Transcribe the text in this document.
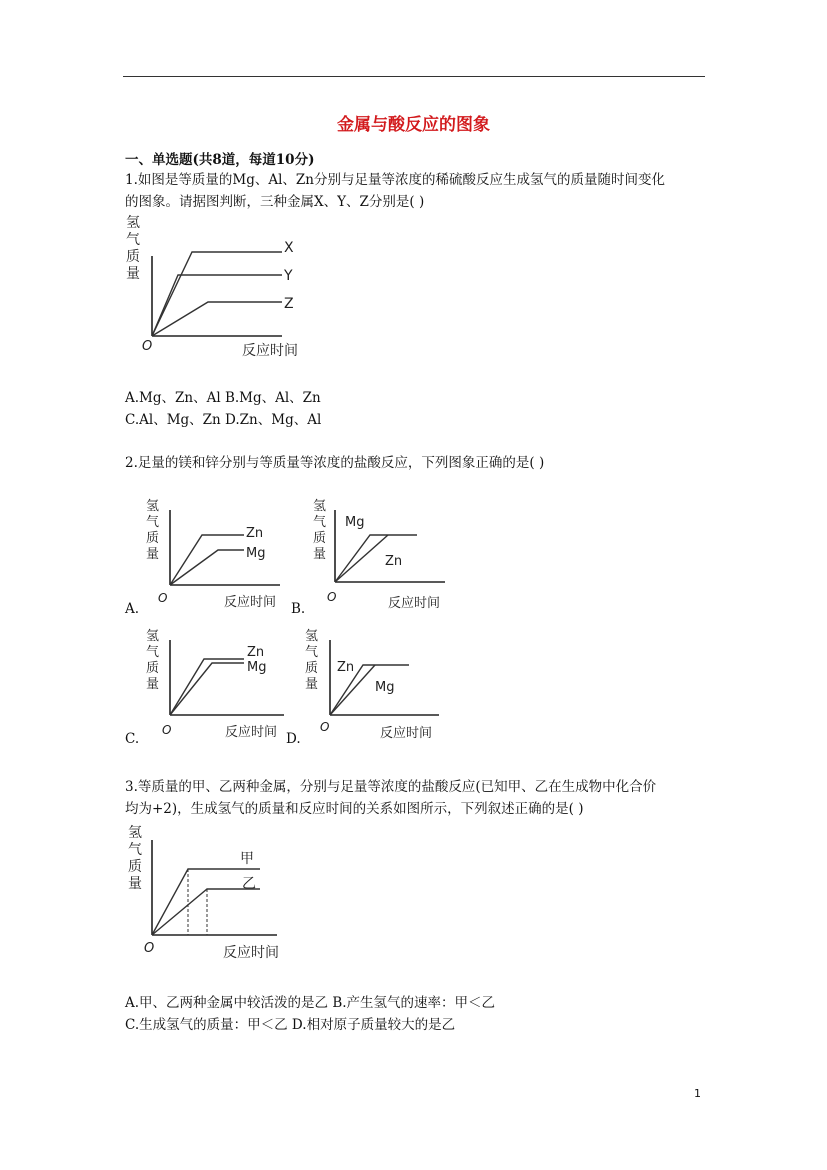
金属与酸反应的图象
一、单选题(共8道，每道10分)
1.如图是等质量的Mg、Al、Zn分别与足量等浓度的稀硫酸反应生成氢气的质量随时间变化
的图象。请据图判断，三种金属X、Y、Z分别是( )
氢
气
质
量
O	反应时间
X
Y
Z
A.Mg、Zn、Al B.Mg、Al、Zn
C.Al、Mg、Zn D.Zn、Mg、Al
2.足量的镁和锌分别与等质量等浓度的盐酸反应，下列图象正确的是( )
氢
气
质
量
O	反应时间
Zn
Mg
A.
氢
气
质
量
O	反应时间
Mg
Zn
B.
氢
气
质
量
O	反应时间
Zn
Mg
C.
氢
气
质
量
O	反应时间
Zn
Mg
D.
3.等质量的甲、乙两种金属，分别与足量等浓度的盐酸反应(已知甲、乙在生成物中化合价
均为+2)，生成氢气的质量和反应时间的关系如图所示，下列叙述正确的是( )
氢
气
质
量
O	反应时间
甲
乙
A.甲、乙两种金属中较活泼的是乙 B.产生氢气的速率：甲＜乙
C.生成氢气的质量：甲＜乙 D.相对原子质量较大的是乙
1
